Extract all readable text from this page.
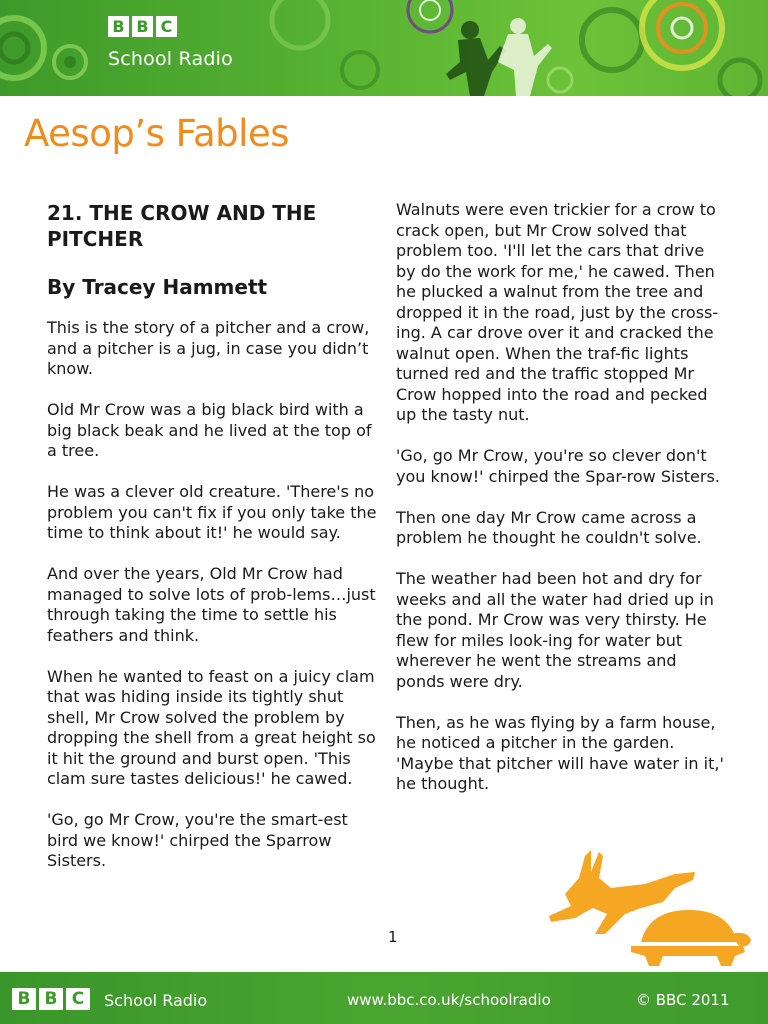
B B C
School Radio
Aesop’s Fables
21. THE CROW AND THE PITCHER
By Tracey Hammett

This is the story of a pitcher and a crow, and a pitcher is a jug, in case you didn’t know.

Old Mr Crow was a big black bird with a big black beak and he lived at the top of a tree.

He was a clever old creature. 'There's no problem you can't fix if you only take the time to think about it!' he would say.

And over the years, Old Mr Crow had managed to solve lots of prob-lems…just through taking the time to settle his feathers and think.

When he wanted to feast on a juicy clam that was hiding inside its tightly shut shell, Mr Crow solved the problem by dropping the shell from a great height so it hit the ground and burst open. 'This clam sure tastes delicious!' he cawed.

'Go, go Mr Crow, you're the smart-est bird we know!' chirped the Sparrow Sisters.

Walnuts were even trickier for a crow to crack open, but Mr Crow solved that problem too. 'I'll let the cars that drive by do the work for me,' he cawed. Then he plucked a walnut from the tree and dropped it in the road, just by the cross-ing. A car drove over it and cracked the walnut open. When the traf-fic lights turned red and the traffic stopped Mr Crow hopped into the road and pecked up the tasty nut.

'Go, go Mr Crow, you're so clever don't you know!' chirped the Spar-row Sisters.

Then one day Mr Crow came across a problem he thought he couldn't solve.

The weather had been hot and dry for weeks and all the water had dried up in the pond. Mr Crow was very thirsty. He flew for miles look-ing for water but wherever he went the streams and ponds were dry.

Then, as he was flying by a farm house, he noticed a pitcher in the garden. 'Maybe that pitcher will have water in it,' he thought.

1
B B C	School Radio	www.bbc.co.uk/schoolradio	© BBC 2011
